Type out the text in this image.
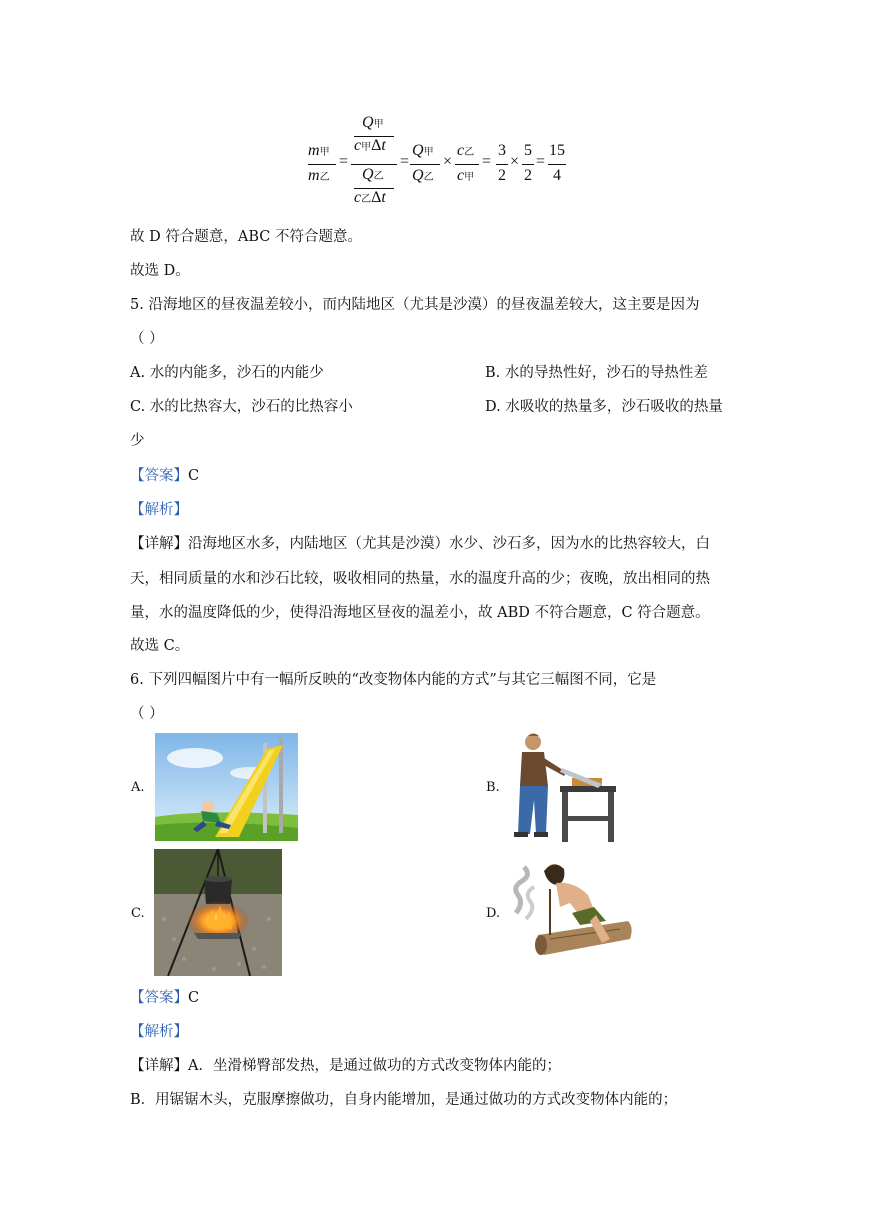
m甲
m乙
=
Q甲
c甲Δt
Q乙
c乙Δt
=
Q甲
Q乙
×
c乙
c甲
=
3
2
×
5
2
=
15
4
故 D 符合题意，ABC 不符合题意。
故选 D。
5. 沿海地区的昼夜温差较小，而内陆地区（尤其是沙漠）的昼夜温差较大，这主要是因为
（ ）
A. 水的内能多，沙石的内能少	B. 水的导热性好，沙石的导热性差
C. 水的比热容大，沙石的比热容小	D. 水吸收的热量多，沙石吸收的热量
少
【答案】C
【解析】
【详解】沿海地区水多，内陆地区（尤其是沙漠）水少、沙石多，因为水的比热容较大，白
天，相同质量的水和沙石比较，吸收相同的热量，水的温度升高的少；夜晚，放出相同的热
量，水的温度降低的少，使得沿海地区昼夜的温差小，故 ABD 不符合题意，C 符合题意。
故选 C。
6. 下列四幅图片中有一幅所反映的“改变物体内能的方式”与其它三幅图不同，它是
（ ）
A.	B.
C.	D.
【答案】C
【解析】
【详解】A．坐滑梯臀部发热，是通过做功的方式改变物体内能的；
B．用锯锯木头，克服摩擦做功，自身内能增加，是通过做功的方式改变物体内能的；
